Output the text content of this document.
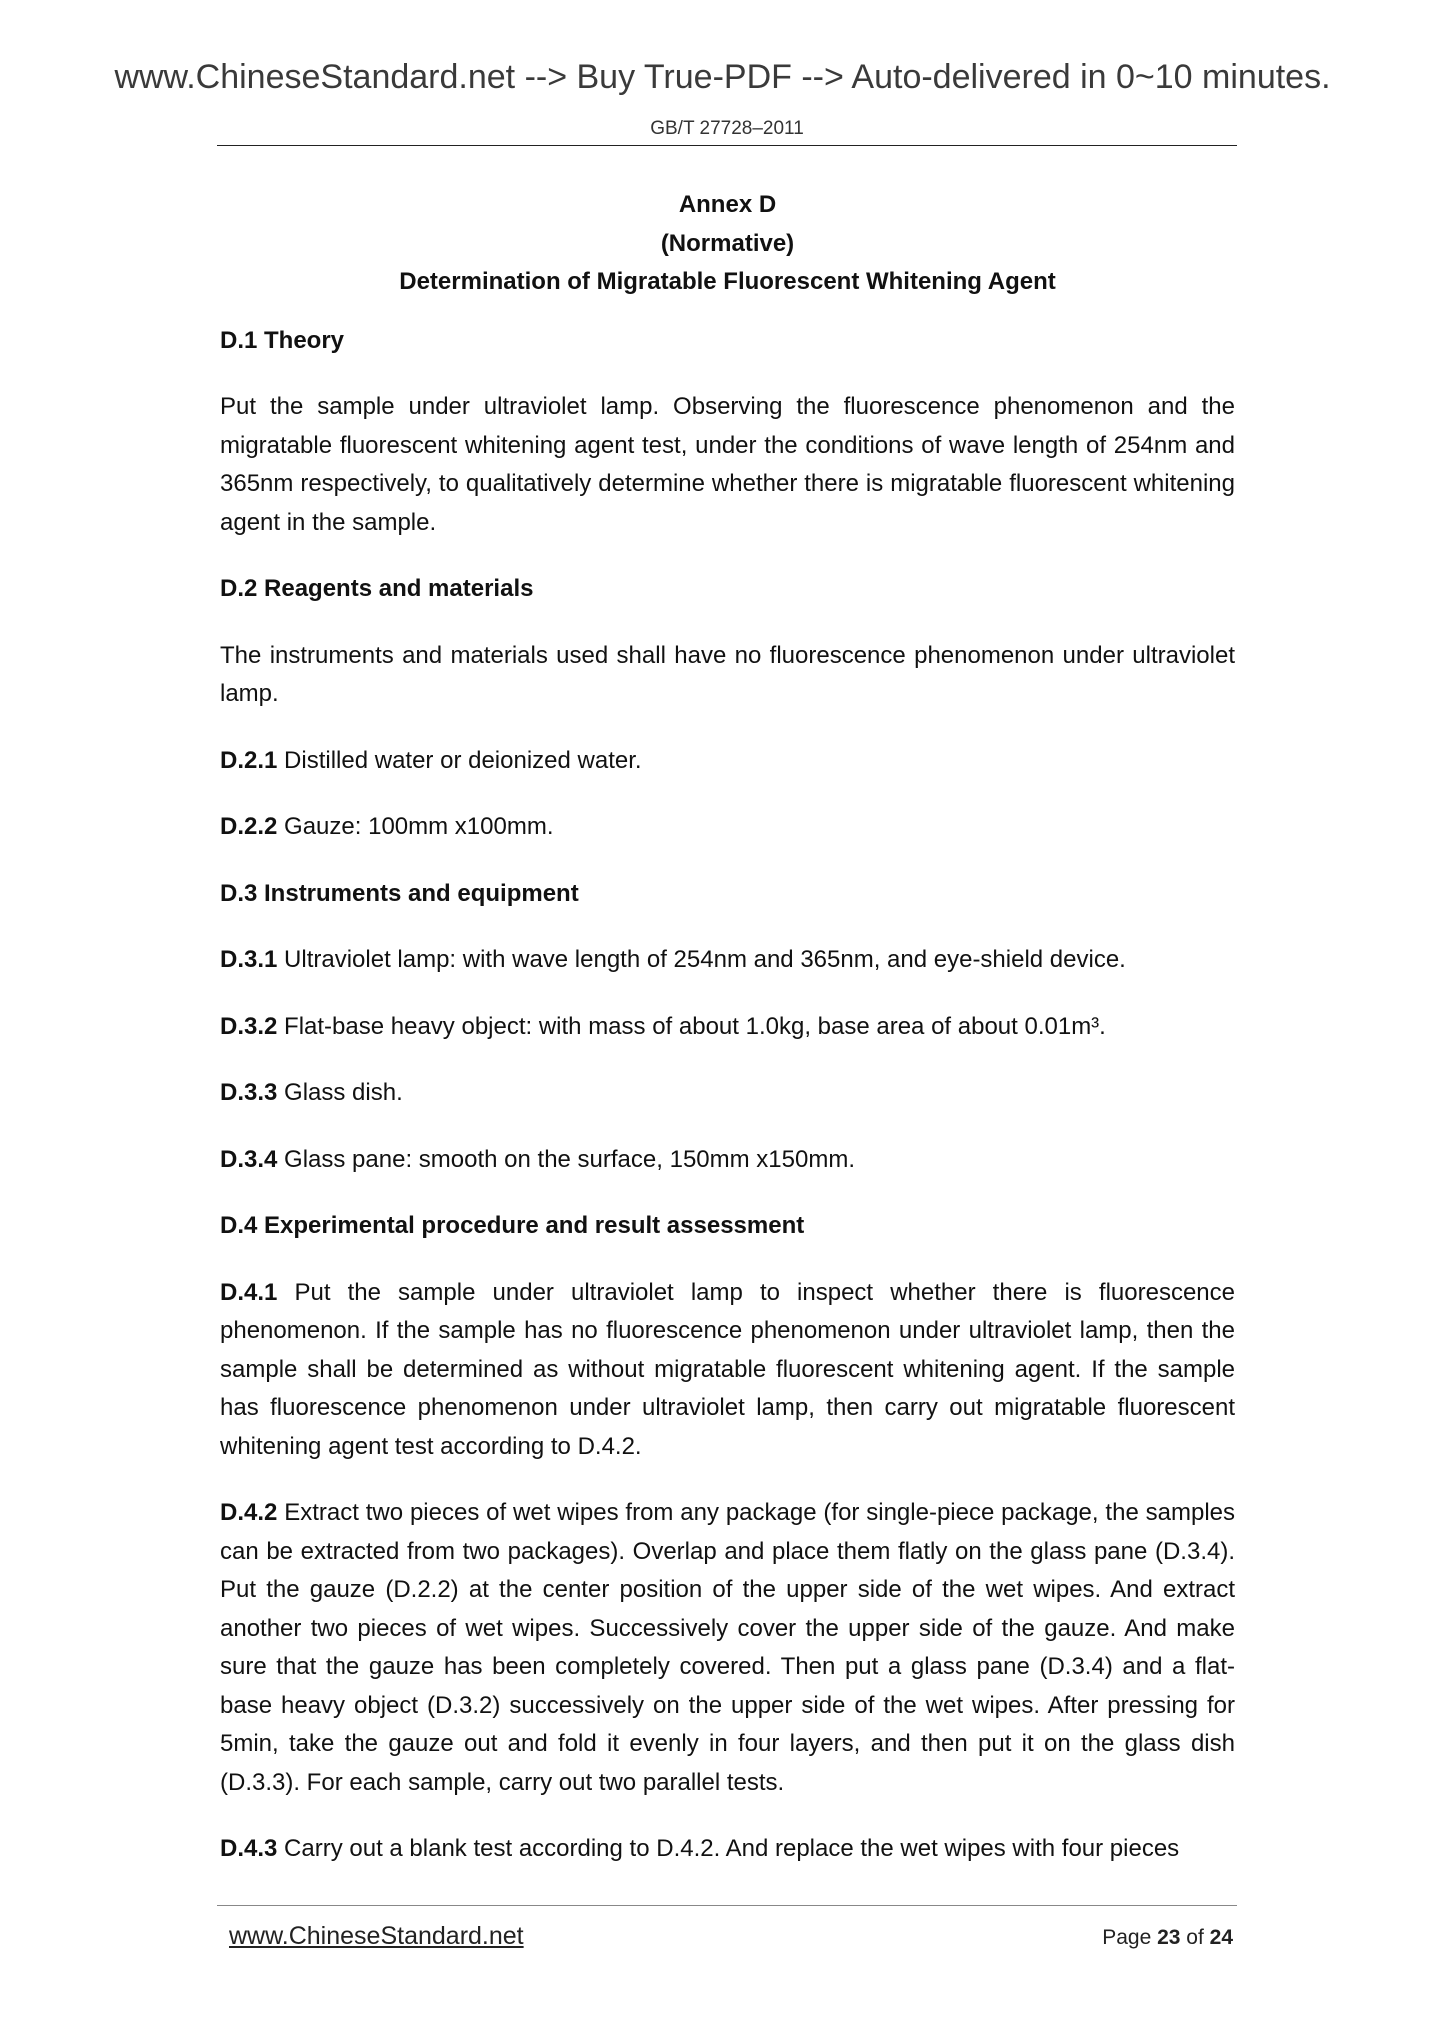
www.ChineseStandard.net --> Buy True-PDF --> Auto-delivered in 0~10 minutes.
GB/T 27728–2011

Annex D

(Normative)

Determination of Migratable Fluorescent Whitening Agent

D.1 Theory

Put the sample under ultraviolet lamp. Observing the fluorescence phenomenon and the migratable fluorescent whitening agent test, under the conditions of wave length of 254nm and 365nm respectively, to qualitatively determine whether there is migratable fluorescent whitening agent in the sample.

D.2 Reagents and materials

The instruments and materials used shall have no fluorescence phenomenon under ultraviolet lamp.

D.2.1 Distilled water or deionized water.

D.2.2 Gauze: 100mm x100mm.

D.3 Instruments and equipment

D.3.1 Ultraviolet lamp: with wave length of 254nm and 365nm, and eye-shield device.

D.3.2 Flat-base heavy object: with mass of about 1.0kg, base area of about 0.01m³.

D.3.3 Glass dish.

D.3.4 Glass pane: smooth on the surface, 150mm x150mm.

D.4 Experimental procedure and result assessment

D.4.1 Put the sample under ultraviolet lamp to inspect whether there is fluorescence phenomenon. If the sample has no fluorescence phenomenon under ultraviolet lamp, then the sample shall be determined as without migratable fluorescent whitening agent. If the sample has fluorescence phenomenon under ultraviolet lamp, then carry out migratable fluorescent whitening agent test according to D.4.2.

D.4.2 Extract two pieces of wet wipes from any package (for single-piece package, the samples can be extracted from two packages). Overlap and place them flatly on the glass pane (D.3.4). Put the gauze (D.2.2) at the center position of the upper side of the wet wipes. And extract another two pieces of wet wipes. Successively cover the upper side of the gauze. And make sure that the gauze has been completely covered. Then put a glass pane (D.3.4) and a flat-base heavy object (D.3.2) successively on the upper side of the wet wipes. After pressing for 5min, take the gauze out and fold it evenly in four layers, and then put it on the glass dish (D.3.3). For each sample, carry out two parallel tests.

D.4.3 Carry out a blank test according to D.4.2. And replace the wet wipes with four pieces

www.ChineseStandard.net	Page 23 of 24
